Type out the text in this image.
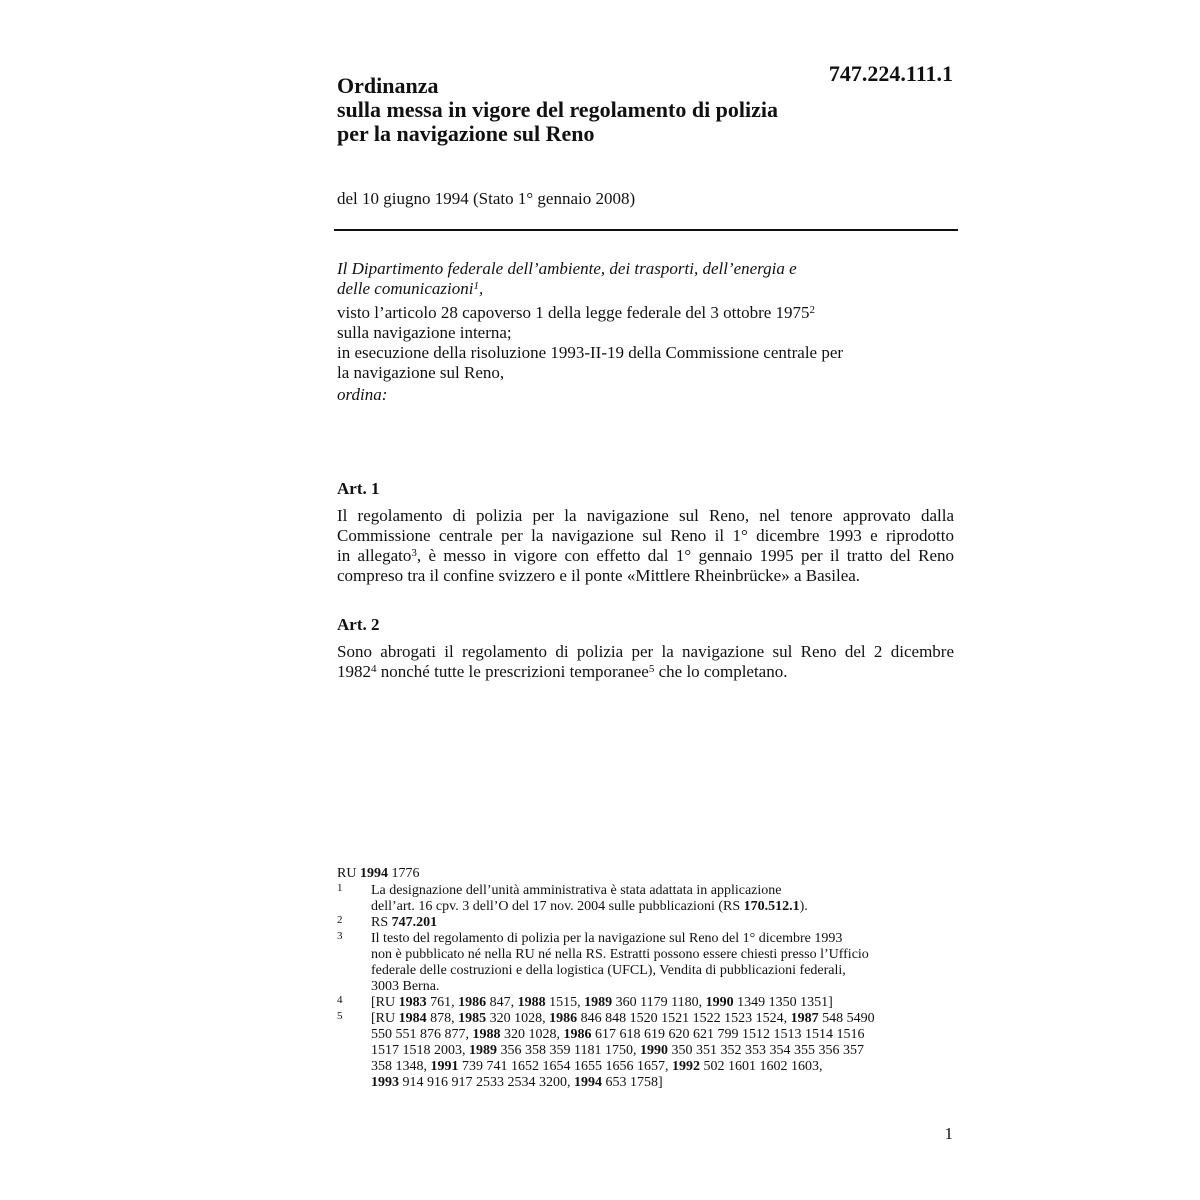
747.224.111.1
Ordinanza
sulla messa in vigore del regolamento di polizia
per la navigazione sul Reno
del 10 giugno 1994 (Stato 1° gennaio 2008)
Il Dipartimento federale dell’ambiente, dei trasporti, dell’energia e
delle comunicazioni$^1$,
visto l’articolo 28 capoverso 1 della legge federale del 3 ottobre 1975$^2$
sulla navigazione interna;
in esecuzione della risoluzione 1993-II-19 della Commissione centrale per
la navigazione sul Reno,
ordina:
Art. 1
Il regolamento di polizia per la navigazione sul Reno, nel tenore approvato dalla
Commissione centrale per la navigazione sul Reno il 1° dicembre 1993 e riprodotto
in allegato$^3$, è messo in vigore con effetto dal 1° gennaio 1995 per il tratto del Reno
compreso tra il confine svizzero e il ponte «Mittlere Rheinbrücke» a Basilea.
Art. 2
Sono abrogati il regolamento di polizia per la navigazione sul Reno del 2 dicembre
1982$^4$ nonché tutte le prescrizioni temporanee$^5$ che lo completano.
RU 1994 1776
1 La designazione dell’unità amministrativa è stata adattata in applicazione
dell’art. 16 cpv. 3 dell’O del 17 nov. 2004 sulle pubblicazioni (RS 170.512.1).
2 RS 747.201
3 Il testo del regolamento di polizia per la navigazione sul Reno del 1° dicembre 1993
non è pubblicato né nella RU né nella RS. Estratti possono essere chiesti presso l’Ufficio
federale delle costruzioni e della logistica (UFCL), Vendita di pubblicazioni federali,
3003 Berna.
4 [RU 1983 761, 1986 847, 1988 1515, 1989 360 1179 1180, 1990 1349 1350 1351]
5 [RU 1984 878, 1985 320 1028, 1986 846 848 1520 1521 1522 1523 1524, 1987 548 5490
550 551 876 877, 1988 320 1028, 1986 617 618 619 620 621 799 1512 1513 1514 1516
1517 1518 2003, 1989 356 358 359 1181 1750, 1990 350 351 352 353 354 355 356 357
358 1348, 1991 739 741 1652 1654 1655 1656 1657, 1992 502 1601 1602 1603,
1993 914 916 917 2533 2534 3200, 1994 653 1758]
1
